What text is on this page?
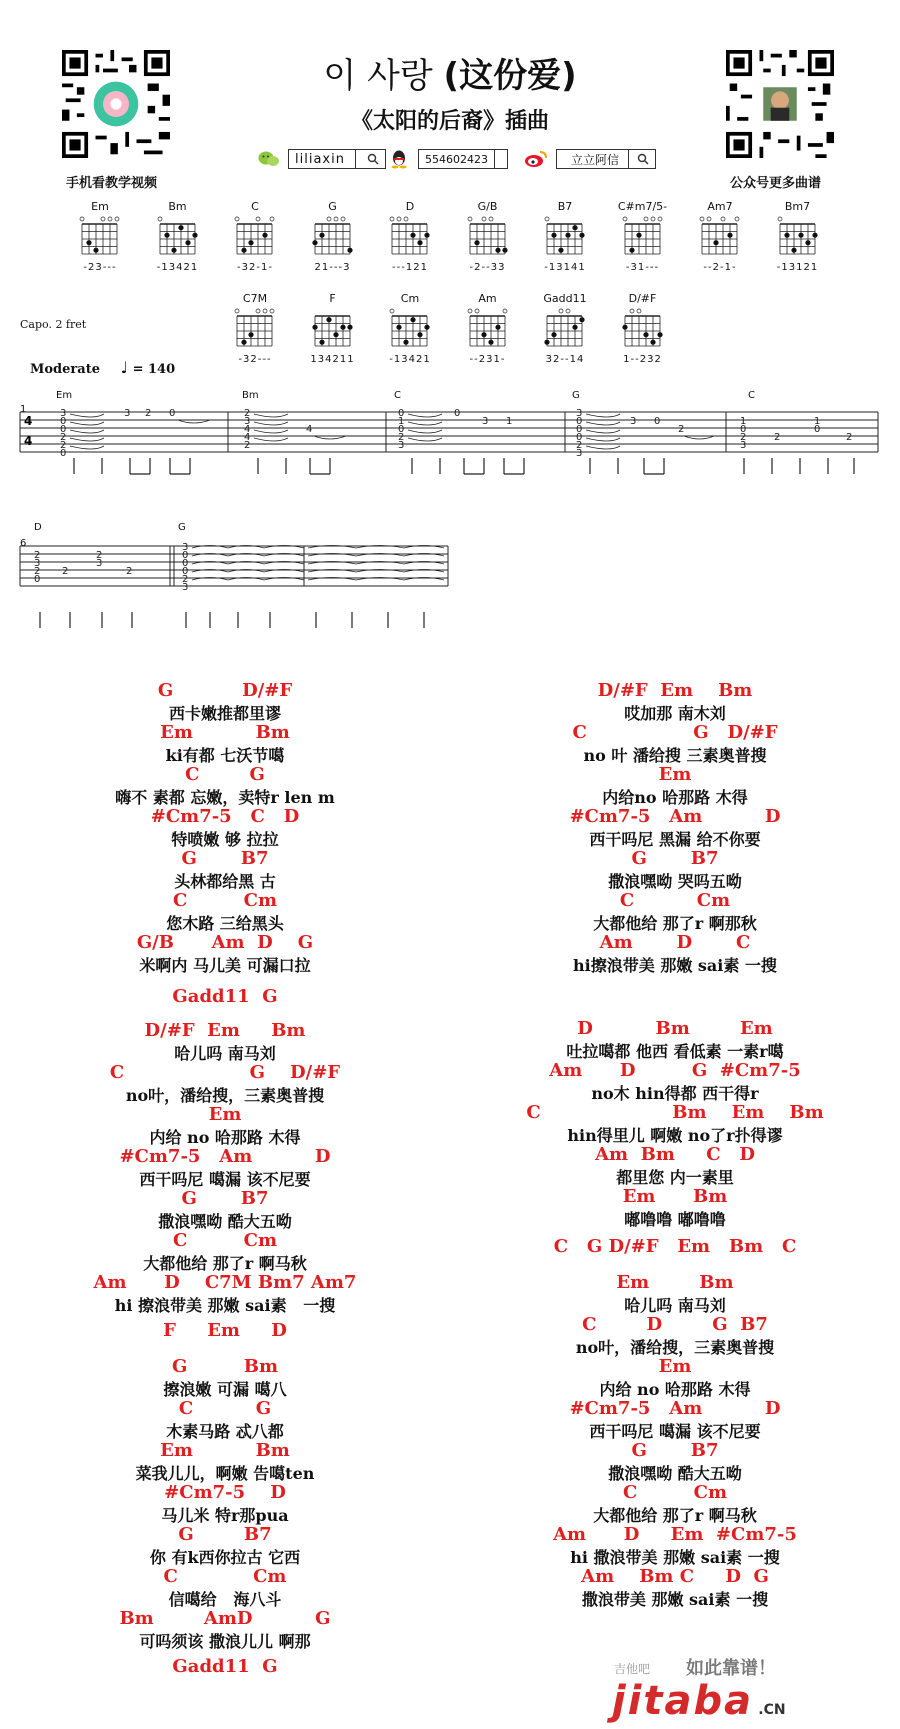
手机看教学视频	公众号更多曲谱
이 사랑 (这份爱)
《太阳的后裔》插曲
liliaxin	554602423	立立阿信
Em
-23---
Bm
-13421
C
-32-1-
G
21---3
D
---121
G/B
-2--33
B7
-13141
C#m7/5-
-31---
Am7
--2-1-
Bm7
-13121
C7M
-32---
F
134211
Cm
-13421
Am
--231-
Gadd11
32--14
D/#F
1--232
Capo. 2 fret
Moderate ♩ = 140
4
4
3
0
0
2
2
0
3 2 0	2
3
4
4
2
4
0
1
0
2
3
0
3 1
3
0
0
0
2
3
3 0
2
1
0
2
3
2
1
0
2
1
Em	Bm	C	G	C
2
3
2
0
2
2
3
2
3
0
0
0
2
3
6
D	G
G           D/#F
西卡嫩推都里谬
Em          Bm
ki有都 七沃节噶
C        G
嗨不 素都 忘嫩，卖特r len m
#Cm7-5   C   D
特喷嫩 够 拉拉
G       B7
头林都给黑 古
C         Cm
您木路 三给黑头
G/B      Am  D    G
米啊内 马儿美 可漏口拉
Gadd11  G
D/#F  Em     Bm
哈儿吗 南马刘
C                    G    D/#F
no叶，潘给搜，三素奥普搜
Em
内给 no 哈那路 木得
#Cm7-5   Am          D
西干吗尼 噶漏 该不尼要
G       B7
撒浪嘿呦 酷大五呦
C         Cm
大都他给 那了r 啊马秋
Am      D    C7M Bm7 Am7
hi 擦浪带美 那嫩 sai素   一搜
F     Em     D
G         Bm
擦浪嫩 可漏 噶八
C          G
木素马路 忒八都
Em          Bm
菜我儿儿，啊嫩 告噶ten
#Cm7-5    D
马儿米 特r那pua
G        B7
你 有k西你拉古 它西
C            Cm
信噶给   海八斗
Bm        AmD          G
可吗须该 撒浪儿儿 啊那
Gadd11  G
D/#F  Em    Bm
哎加那 南木刘
C                 G   D/#F
no 叶 潘给搜 三素奥普搜
Em
内给no 哈那路 木得
#Cm7-5   Am          D
西干吗尼 黑漏 给不你要
G       B7
撒浪嘿呦 哭吗五呦
C          Cm
大都他给 那了r 啊那秋
Am       D       C
hi擦浪带美 那嫩 sai素 一搜
D          Bm        Em
吐拉噶都 他西 看低素 一素r噶
Am      D         G  #Cm7-5
no木 hin得都 西干得r
C                     Bm    Em    Bm
hin得里儿 啊嫩 no了r扑得谬
Am  Bm     C   D
都里您 内一素里
Em      Bm
嘟噜噜 嘟噜噜
C   G D/#F   Em   Bm   C
Em        Bm
哈儿吗 南马刘
C        D        G  B7
no叶，潘给搜，三素奥普搜
Em
内给 no 哈那路 木得
#Cm7-5   Am          D
西干吗尼 噶漏 该不尼要
G       B7
撒浪嘿呦 酷大五呦
C         Cm
大都他给 那了r 啊马秋
Am      D     Em  #Cm7-5
hi 撒浪带美 那嫩 sai素 一搜
Am    Bm C     D  G
撒浪带美 那嫩 sai素 一搜
吉他吧 如此靠谱！
jitaba .CN
